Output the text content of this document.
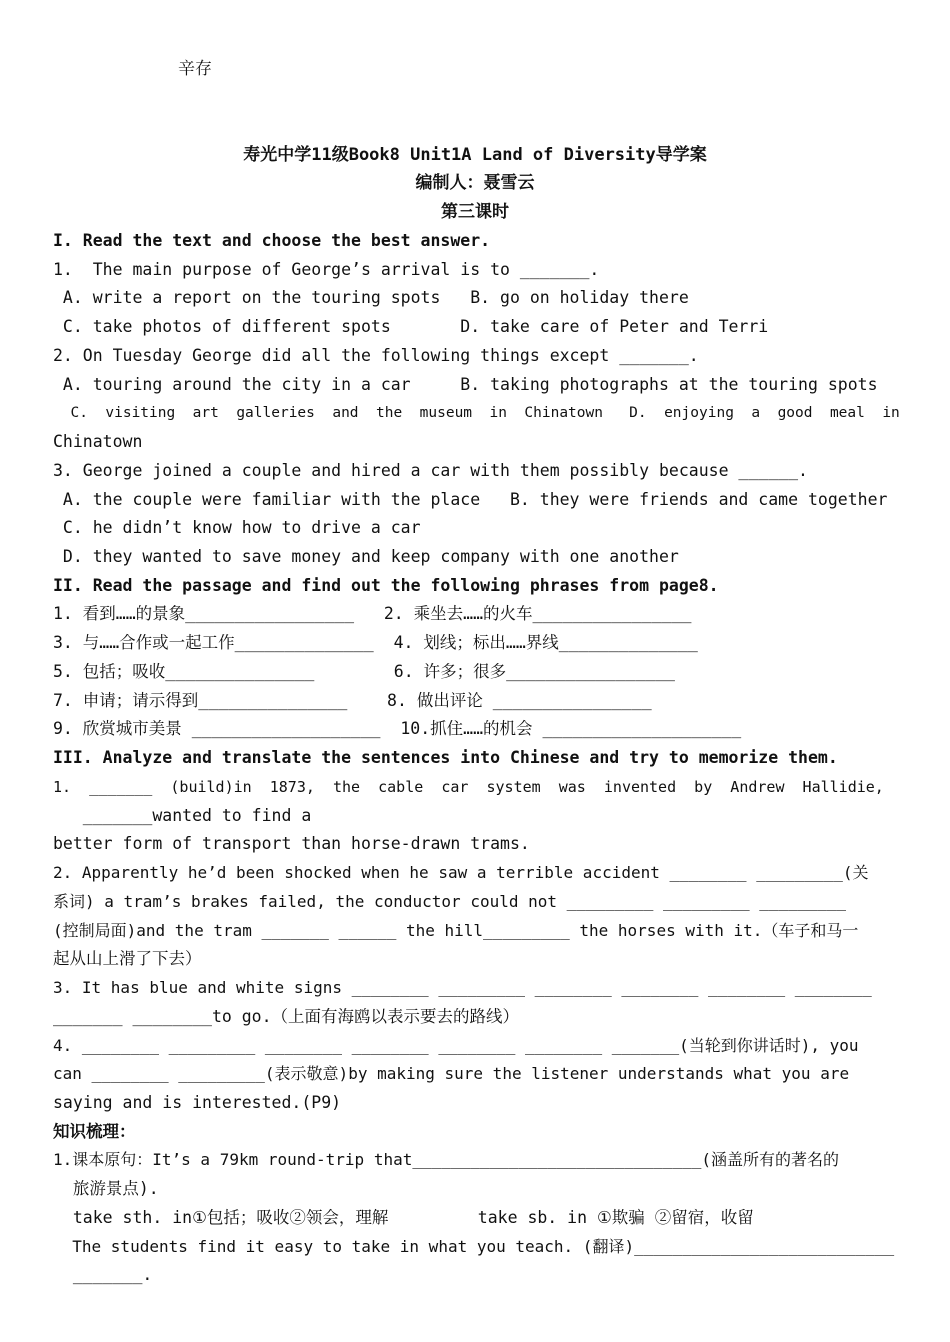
辛存
寿光中学11级Book8 Unit1A Land of Diversity导学案
编制人：聂雪云
第三课时
I. Read the text and choose the best answer.
1.  The main purpose of George’s arrival is to _______.
A. write a report on the touring spots   B. go on holiday there
C. take photos of different spots       D. take care of Peter and Terri
2. On Tuesday George did all the following things except _______.
A. touring around the city in a car     B. taking photographs at the touring spots
C.  visiting  art  galleries  and  the  museum  in  Chinatown   D.  enjoying  a  good  meal  in
Chinatown
3. George joined a couple and hired a car with them possibly because ______.
A. the couple were familiar with the place   B. they were friends and came together
C. he didn’t know how to drive a car
D. they wanted to save money and keep company with one another
II. Read the passage and find out the following phrases from page8.
1. 看到……的景象_________________   2. 乘坐去……的火车________________
3. 与……合作或一起工作______________  4. 划线；标出……界线______________
5. 包括；吸收_______________        6. 许多；很多_________________
7. 申请；请示得到_______________    8. 做出评论 ________________
9. 欣赏城市美景 ___________________  10.抓住……的机会 ____________________
III. Analyze and translate the sentences into Chinese and try to memorize them.
1.  _______  (build)in  1873,  the  cable  car  system  was  invented  by  Andrew  Hallidie,
_______wanted to find a
better form of transport than horse-drawn trams.
2. Apparently he’d been shocked when he saw a terrible accident ________ _________(关
系词) a tram’s brakes failed, the conductor could not _________ _________ _________
(控制局面)and the tram _______ ______ the hill_________ the horses with it.（车子和马一
起从山上滑了下去）
3. It has blue and white signs ________ _________ ________ ________ ________ ________
_______ ________to go.（上面有海鸥以表示要去的路线）
4. ________ _________ ________ ________ ________ ________ _______(当轮到你讲话时), you
can ________ _________(表示敬意)by making sure the listener understands what you are
saying and is interested.(P9)
知识梳理：
1.课本原句：It’s a 79km round-trip that______________________________(涵盖所有的著名的
旅游景点).
take sth. in①包括；吸收②领会，理解         take sb. in ①欺骗 ②留宿，收留
The students find it easy to take in what you teach. (翻译)___________________________
_______.
